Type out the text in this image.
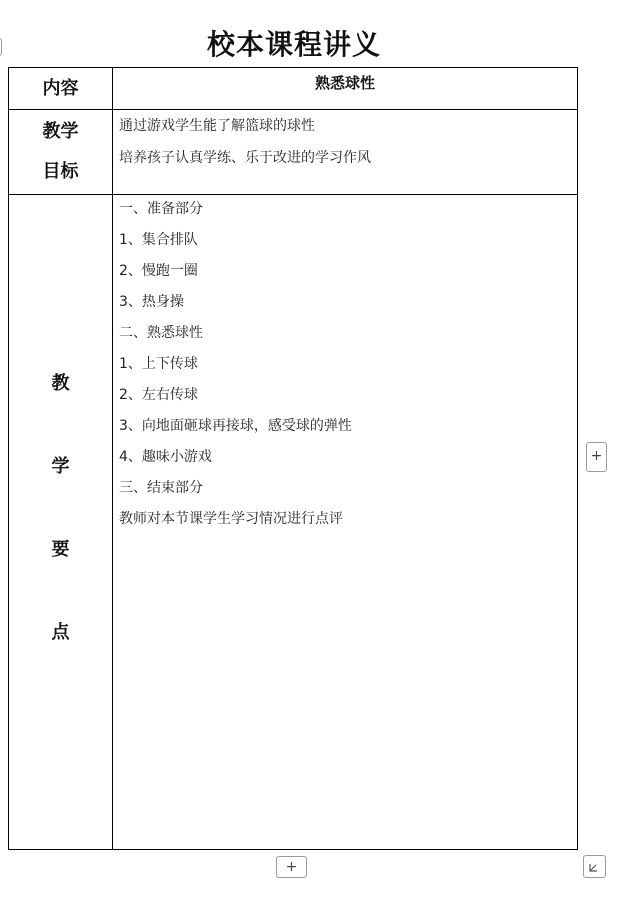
校本课程讲义
内容	熟悉球性
教学
目标
通过游戏学生能了解篮球的球性
培养孩子认真学练、乐于改进的学习作风
教
学
要
点
一、准备部分
1、集合排队
2、慢跑一圈
3、热身操
二、熟悉球性
1、上下传球
2、左右传球
3、向地面砸球再接球，感受球的弹性
4、趣味小游戏
三、结束部分
教师对本节课学生学习情况进行点评
+
+
